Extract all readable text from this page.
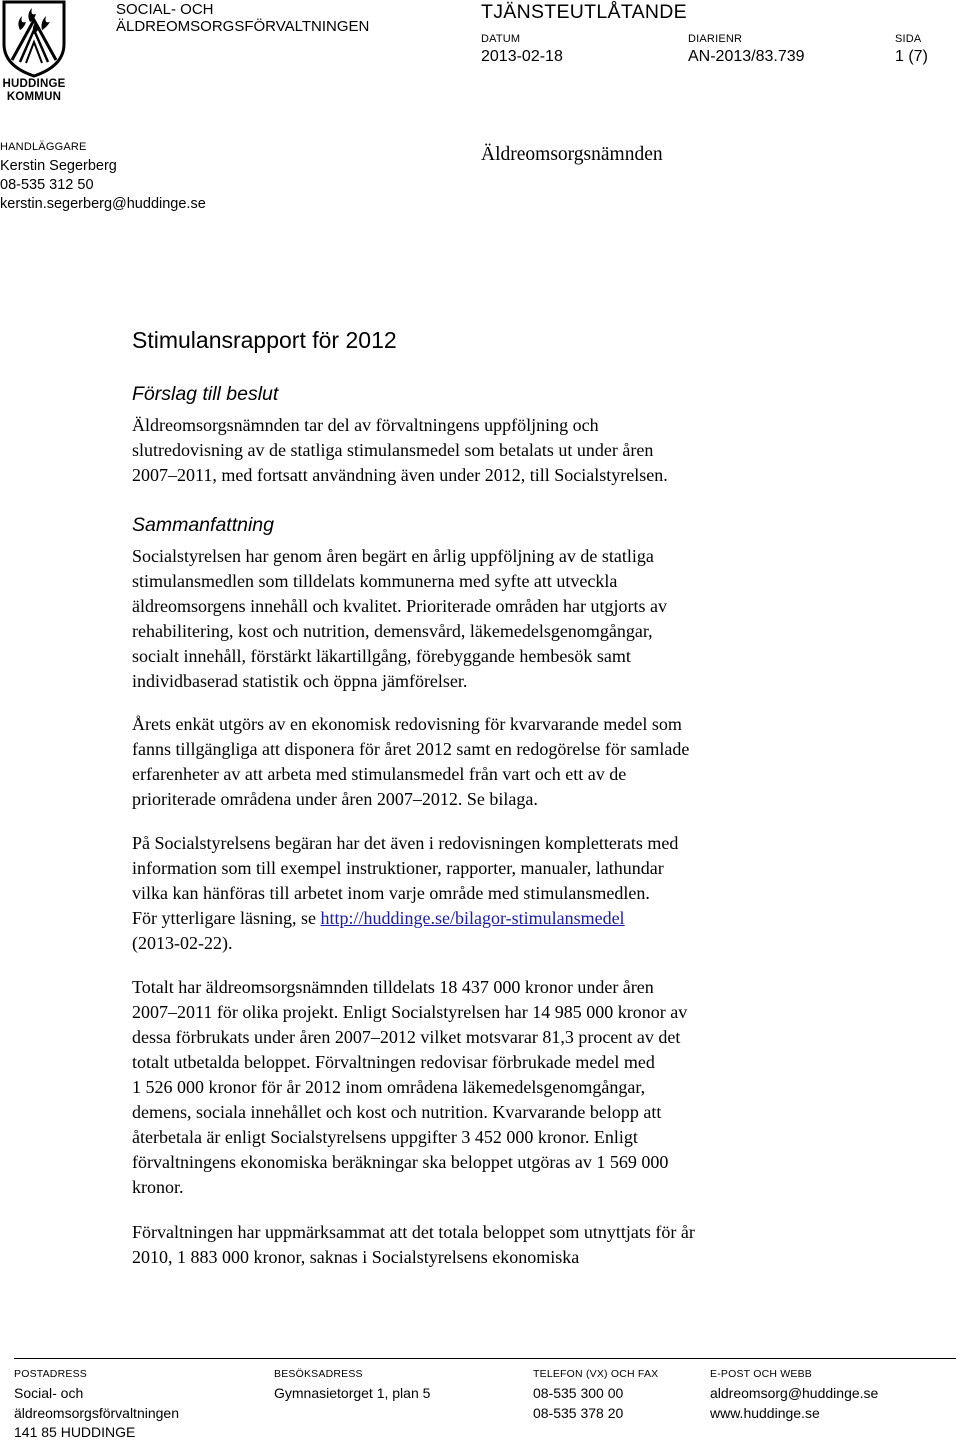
HUDDINGE
KOMMUN
SOCIAL- OCH
ÄLDREOMSORGSFÖRVALTNINGEN
TJÄNSTEUTLÅTANDE
DATUM
2013-02-18
DIARIENR
AN-2013/83.739
SIDA
1 (7)
HANDLÄGGARE
Kerstin Segerberg
08-535 312 50
kerstin.segerberg@huddinge.se
Äldreomsorgsnämnden
Stimulansrapport för 2012
Förslag till beslut
Äldreomsorgsnämnden tar del av förvaltningens uppföljning och
slutredovisning av de statliga stimulansmedel som betalats ut under åren
2007–2011, med fortsatt användning även under 2012, till Socialstyrelsen.
Sammanfattning
Socialstyrelsen har genom åren begärt en årlig uppföljning av de statliga
stimulansmedlen som tilldelats kommunerna med syfte att utveckla
äldreomsorgens innehåll och kvalitet. Prioriterade områden har utgjorts av
rehabilitering, kost och nutrition, demensvård, läkemedelsgenomgångar,
socialt innehåll, förstärkt läkartillgång, förebyggande hembesök samt
individbaserad statistik och öppna jämförelser.
Årets enkät utgörs av en ekonomisk redovisning för kvarvarande medel som
fanns tillgängliga att disponera för året 2012 samt en redogörelse för samlade
erfarenheter av att arbeta med stimulansmedel från vart och ett av de
prioriterade områdena under åren 2007–2012. Se bilaga.
På Socialstyrelsens begäran har det även i redovisningen kompletterats med
information som till exempel instruktioner, rapporter, manualer, lathundar
vilka kan hänföras till arbetet inom varje område med stimulansmedlen.
För ytterligare läsning, se http://huddinge.se/bilagor-stimulansmedel
(2013-02-22).
Totalt har äldreomsorgsnämnden tilldelats 18 437 000 kronor under åren
2007–2011 för olika projekt. Enligt Socialstyrelsen har 14 985 000 kronor av
dessa förbrukats under åren 2007–2012 vilket motsvarar 81,3 procent av det
totalt utbetalda beloppet. Förvaltningen redovisar förbrukade medel med
1 526 000 kronor för år 2012 inom områdena läkemedelsgenomgångar,
demens, sociala innehållet och kost och nutrition. Kvarvarande belopp att
återbetala är enligt Socialstyrelsens uppgifter 3 452 000 kronor. Enligt
förvaltningens ekonomiska beräkningar ska beloppet utgöras av 1 569 000
kronor.
Förvaltningen har uppmärksammat att det totala beloppet som utnyttjats för år
2010, 1 883 000 kronor, saknas i Socialstyrelsens ekonomiska
POSTADRESS
Social- och
äldreomsorgsförvaltningen
141 85 HUDDINGE
BESÖKSADRESS
Gymnasietorget 1, plan 5
TELEFON (VX) OCH FAX
08-535 300 00
08-535 378 20
E-POST OCH WEBB
aldreomsorg@huddinge.se
www.huddinge.se
